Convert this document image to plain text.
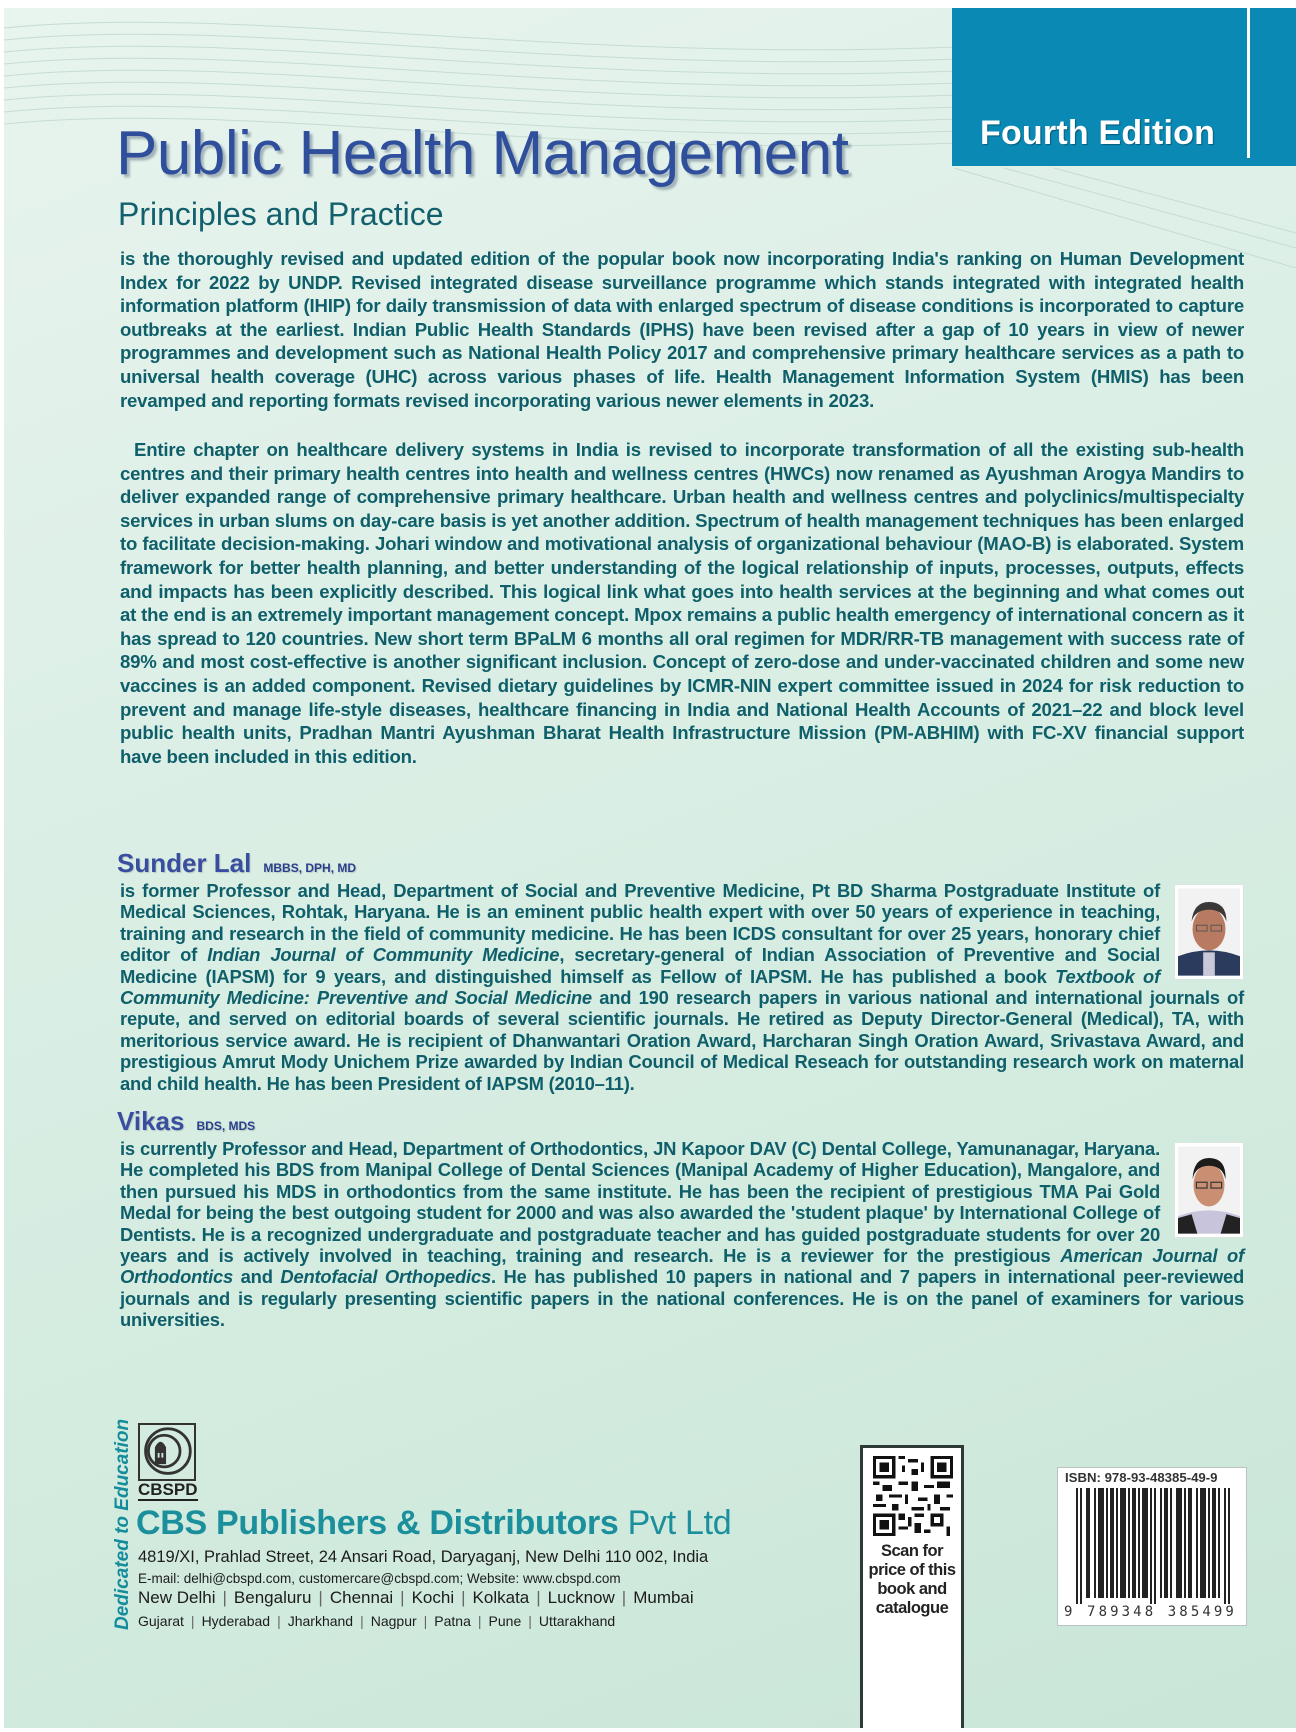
Fourth Edition
Public Health Management
Principles and Practice

is the thoroughly revised and updated edition of the popular book now incorporating India's ranking on Human Development Index for 2022 by UNDP. Revised integrated disease surveillance programme which stands integrated with integrated health information platform (IHIP) for daily transmission of data with enlarged spectrum of disease conditions is incorporated to capture outbreaks at the earliest. Indian Public Health Standards (IPHS) have been revised after a gap of 10 years in view of newer programmes and development such as National Health Policy 2017 and comprehensive primary healthcare services as a path to universal health coverage (UHC) across various phases of life. Health Management Information System (HMIS) has been revamped and reporting formats revised incorporating various newer elements in 2023.

Entire chapter on healthcare delivery systems in India is revised to incorporate transformation of all the existing sub-health centres and their primary health centres into health and wellness centres (HWCs) now renamed as Ayushman Arogya Mandirs to deliver expanded range of comprehensive primary healthcare. Urban health and wellness centres and polyclinics/multispecialty services in urban slums on day-care basis is yet another addition. Spectrum of health management techniques has been enlarged to facilitate decision-making. Johari window and motivational analysis of organizational behaviour (MAO-B) is elaborated. System framework for better health planning, and better understanding of the logical relationship of inputs, processes, outputs, effects and impacts has been explicitly described. This logical link what goes into health services at the beginning and what comes out at the end is an extremely important management concept. Mpox remains a public health emergency of international concern as it has spread to 120 countries. New short term BPaLM 6 months all oral regimen for MDR/RR-TB management with success rate of 89% and most cost-effective is another significant inclusion. Concept of zero-dose and under-vaccinated children and some new vaccines is an added component. Revised dietary guidelines by ICMR-NIN expert committee issued in 2024 for risk reduction to prevent and manage life-style diseases, healthcare financing in India and National Health Accounts of 2021–22 and block level public health units, Pradhan Mantri Ayushman Bharat Health Infrastructure Mission (PM-ABHIM) with FC-XV financial support have been included in this edition.

Sunder Lal MBBS, DPH, MD
is former Professor and Head, Department of Social and Preventive Medicine, Pt BD Sharma Postgraduate Institute of Medical Sciences, Rohtak, Haryana. He is an eminent public health expert with over 50 years of experience in teaching, training and research in the field of community medicine. He has been ICDS consultant for over 25 years, honorary chief editor of Indian Journal of Community Medicine, secretary-general of Indian Association of Preventive and Social Medicine (IAPSM) for 9 years, and distinguished himself as Fellow of IAPSM. He has published a book Textbook of Community Medicine: Preventive and Social Medicine and 190 research papers in various national and international journals of repute, and served on editorial boards of several scientific journals. He retired as Deputy Director-General (Medical), TA, with meritorious service award. He is recipient of Dhanwantari Oration Award, Harcharan Singh Oration Award, Srivastava Award, and prestigious Amrut Mody Unichem Prize awarded by Indian Council of Medical Reseach for outstanding research work on maternal and child health. He has been President of IAPSM (2010–11).
Vikas BDS, MDS
is currently Professor and Head, Department of Orthodontics, JN Kapoor DAV (C) Dental College, Yamunanagar, Haryana. He completed his BDS from Manipal College of Dental Sciences (Manipal Academy of Higher Education), Mangalore, and then pursued his MDS in orthodontics from the same institute. He has been the recipient of prestigious TMA Pai Gold Medal for being the best outgoing student for 2000 and was also awarded the 'student plaque' by International College of Dentists. He is a recognized undergraduate and postgraduate teacher and has guided postgraduate students for over 20 years and is actively involved in teaching, training and research. He is a reviewer for the prestigious American Journal of Orthodontics and Dentofacial Orthopedics. He has published 10 papers in national and 7 papers in international peer-reviewed journals and is regularly presenting scientific papers in the national conferences. He is on the panel of examiners for various universities.
Dedicated to Education CBSPD
CBS Publishers & Distributors Pvt Ltd
4819/XI, Prahlad Street, 24 Ansari Road, Daryaganj, New Delhi 110 002, India
E-mail: delhi@cbspd.com, customercare@cbspd.com; Website: www.cbspd.com
New Delhi | Bengaluru | Chennai | Kochi | Kolkata | Lucknow | Mumbai
Gujarat | Hyderabad | Jharkhand | Nagpur | Patna | Pune | Uttarakhand
Scan for price of this book and catalogue
ISBN: 978-93-48385-49-9
9 789348 385499
